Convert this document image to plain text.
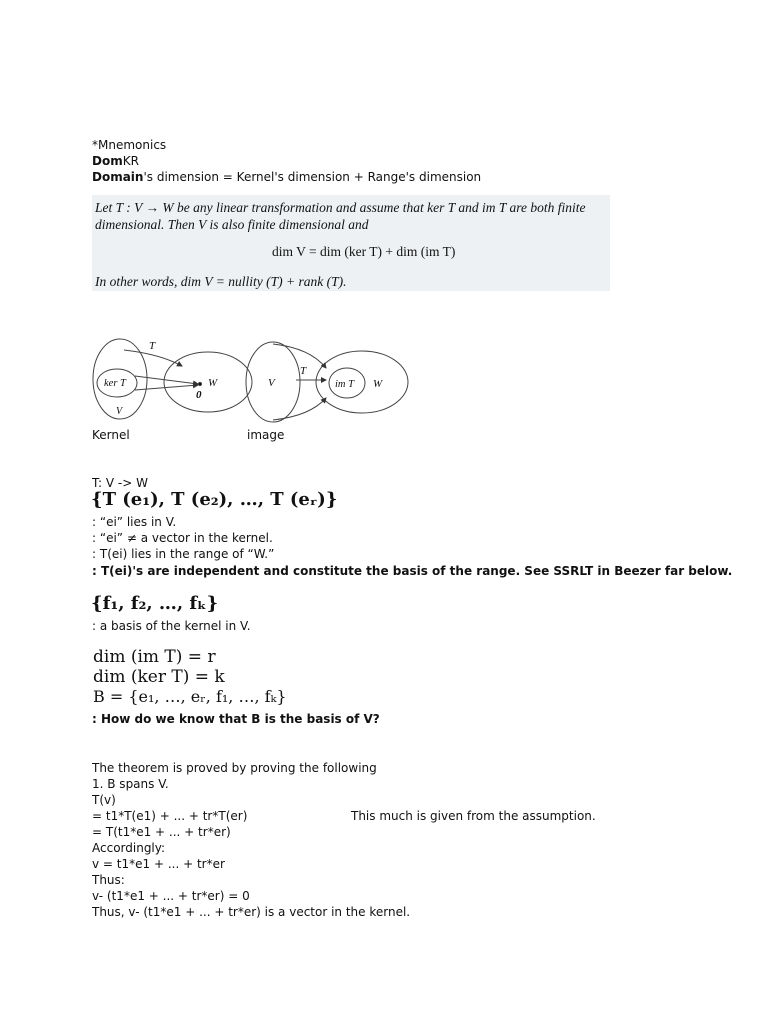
*Mnemonics

DomKR

Domain's dimension = Kernel's dimension + Range's dimension

Let T : V → W be any linear transformation and assume that ker T and im T are both finite

dimensional. Then V is also finite dimensional and

dim V = dim (ker T) + dim (im T)

In other words, dim V = nullity (T) + rank (T).

T
ker T	W
0
V
V
T
im T W

Kernel	image

T: V -> W

{T (e₁), T (e₂), …, T (eᵣ)}

: “ei” lies in V.

: “ei” ≠ a vector in the kernel.

: T(ei) lies in the range of “W.”

: T(ei)'s are independent and constitute the basis of the range. See SSRLT in Beezer far below.

{f₁, f₂, …, fₖ}

: a basis of the kernel in V.

dim (im T) = r

dim (ker T) = k

B = {e₁, …, eᵣ, f₁, …, fₖ}

: How do we know that B is the basis of V?

The theorem is proved by proving the following

1. B spans V.

T(v)

= t1*T(e1) + ... + tr*T(er)	This much is given from the assumption.

= T(t1*e1 + ... + tr*er)

Accordingly:

v = t1*e1 + ... + tr*er

Thus:

v- (t1*e1 + ... + tr*er) = 0

Thus, v- (t1*e1 + ... + tr*er) is a vector in the kernel.
